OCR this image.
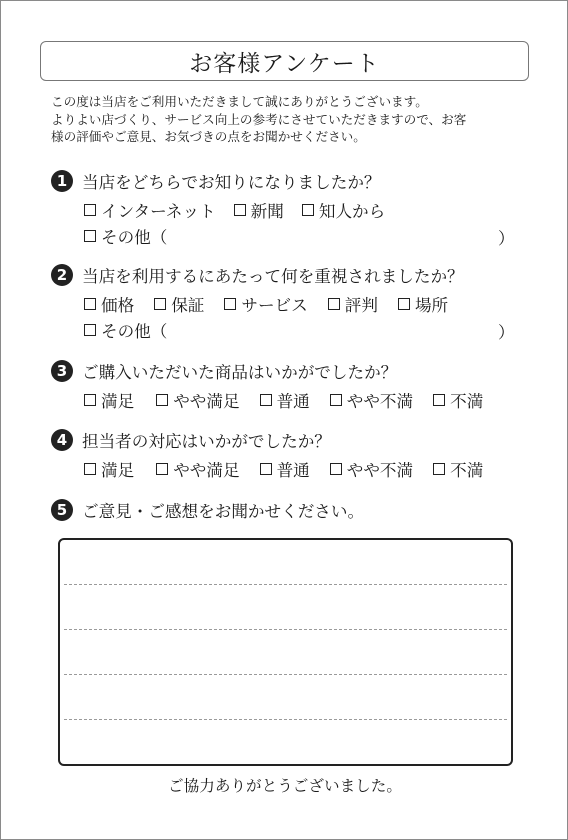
お客様アンケート
この度は当店をご利用いただきまして誠にありがとうございます。
よりよい店づくり、サービス向上の参考にさせていただきますので、お客
様の評価やご意見、お気づきの点をお聞かせください。
1 当店をどちらでお知りになりましたか？
インターネット 新聞 知人から
その他（	）
2 当店を利用するにあたって何を重視されましたか？
価格 保証 サービス 評判 場所
その他（	）
3 ご購入いただいた商品はいかがでしたか？
満足 やや満足 普通 やや不満 不満
4 担当者の対応はいかがでしたか？
満足 やや満足 普通 やや不満 不満
5 ご意見・ご感想をお聞かせください。
ご協力ありがとうございました。
